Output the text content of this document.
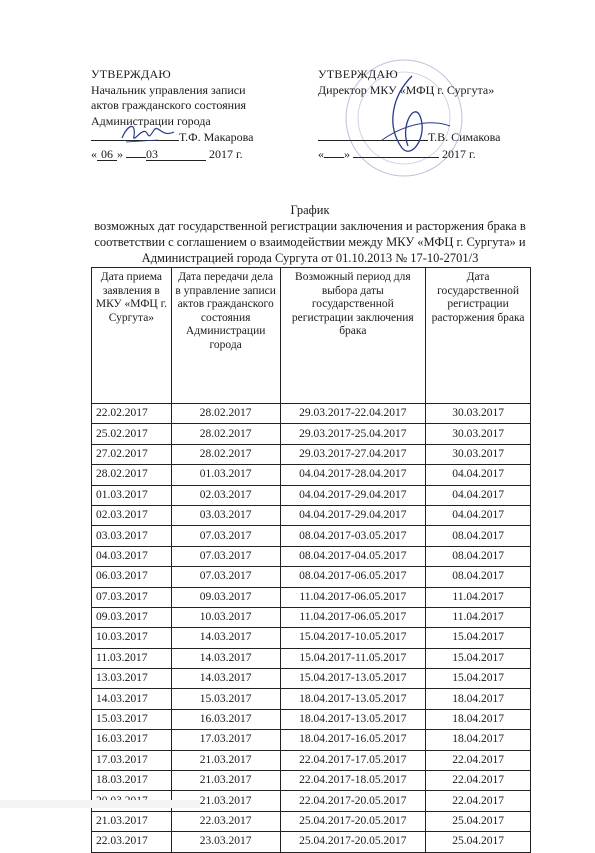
УТВЕРЖДАЮ
Начальник управления записи
актов гражданского состояния
Администрации города
Т.Ф. Макарова
« 06 » 03	2017 г.
УТВЕРЖДАЮ
Директор МКУ «МФЦ г. Сургута»

Т.В. Симакова
« »	2017 г.
График
возможных дат государственной регистрации заключения и расторжения брака в соответствии с соглашением о взаимодействии между МКУ «МФЦ г. Сургута» и Администрацией города Сургута от 01.10.2013 № 17-10-2701/3
Дата приема заявления в МКУ «МФЦ г. Сургута»	Дата передачи дела в управление записи актов гражданского состояния Администрации города	Возможный период для выбора даты государственной регистрации заключения брака	Дата государственной регистрации расторжения брака
22.02.2017	28.02.2017	29.03.2017-22.04.2017	30.03.2017
25.02.2017	28.02.2017	29.03.2017-25.04.2017	30.03.2017
27.02.2017	28.02.2017	29.03.2017-27.04.2017	30.03.2017
28.02.2017	01.03.2017	04.04.2017-28.04.2017	04.04.2017
01.03.2017	02.03.2017	04.04.2017-29.04.2017	04.04.2017
02.03.2017	03.03.2017	04.04.2017-29.04.2017	04.04.2017
03.03.2017	07.03.2017	08.04.2017-03.05.2017	08.04.2017
04.03.2017	07.03.2017	08.04.2017-04.05.2017	08.04.2017
06.03.2017	07.03.2017	08.04.2017-06.05.2017	08.04.2017
07.03.2017	09.03.2017	11.04.2017-06.05.2017	11.04.2017
09.03.2017	10.03.2017	11.04.2017-06.05.2017	11.04.2017
10.03.2017	14.03.2017	15.04.2017-10.05.2017	15.04.2017
11.03.2017	14.03.2017	15.04.2017-11.05.2017	15.04.2017
13.03.2017	14.03.2017	15.04.2017-13.05.2017	15.04.2017
14.03.2017	15.03.2017	18.04.2017-13.05.2017	18.04.2017
15.03.2017	16.03.2017	18.04.2017-13.05.2017	18.04.2017
16.03.2017	17.03.2017	18.04.2017-16.05.2017	18.04.2017
17.03.2017	21.03.2017	22.04.2017-17.05.2017	22.04.2017
18.03.2017	21.03.2017	22.04.2017-18.05.2017	22.04.2017
	21.03.2017	22.04.2017-20.05.2017	22.04.2017
21.03.2017	22.03.2017	25.04.2017-20.05.2017	25.04.2017
22.03.2017	23.03.2017	25.04.2017-20.05.2017	25.04.2017
